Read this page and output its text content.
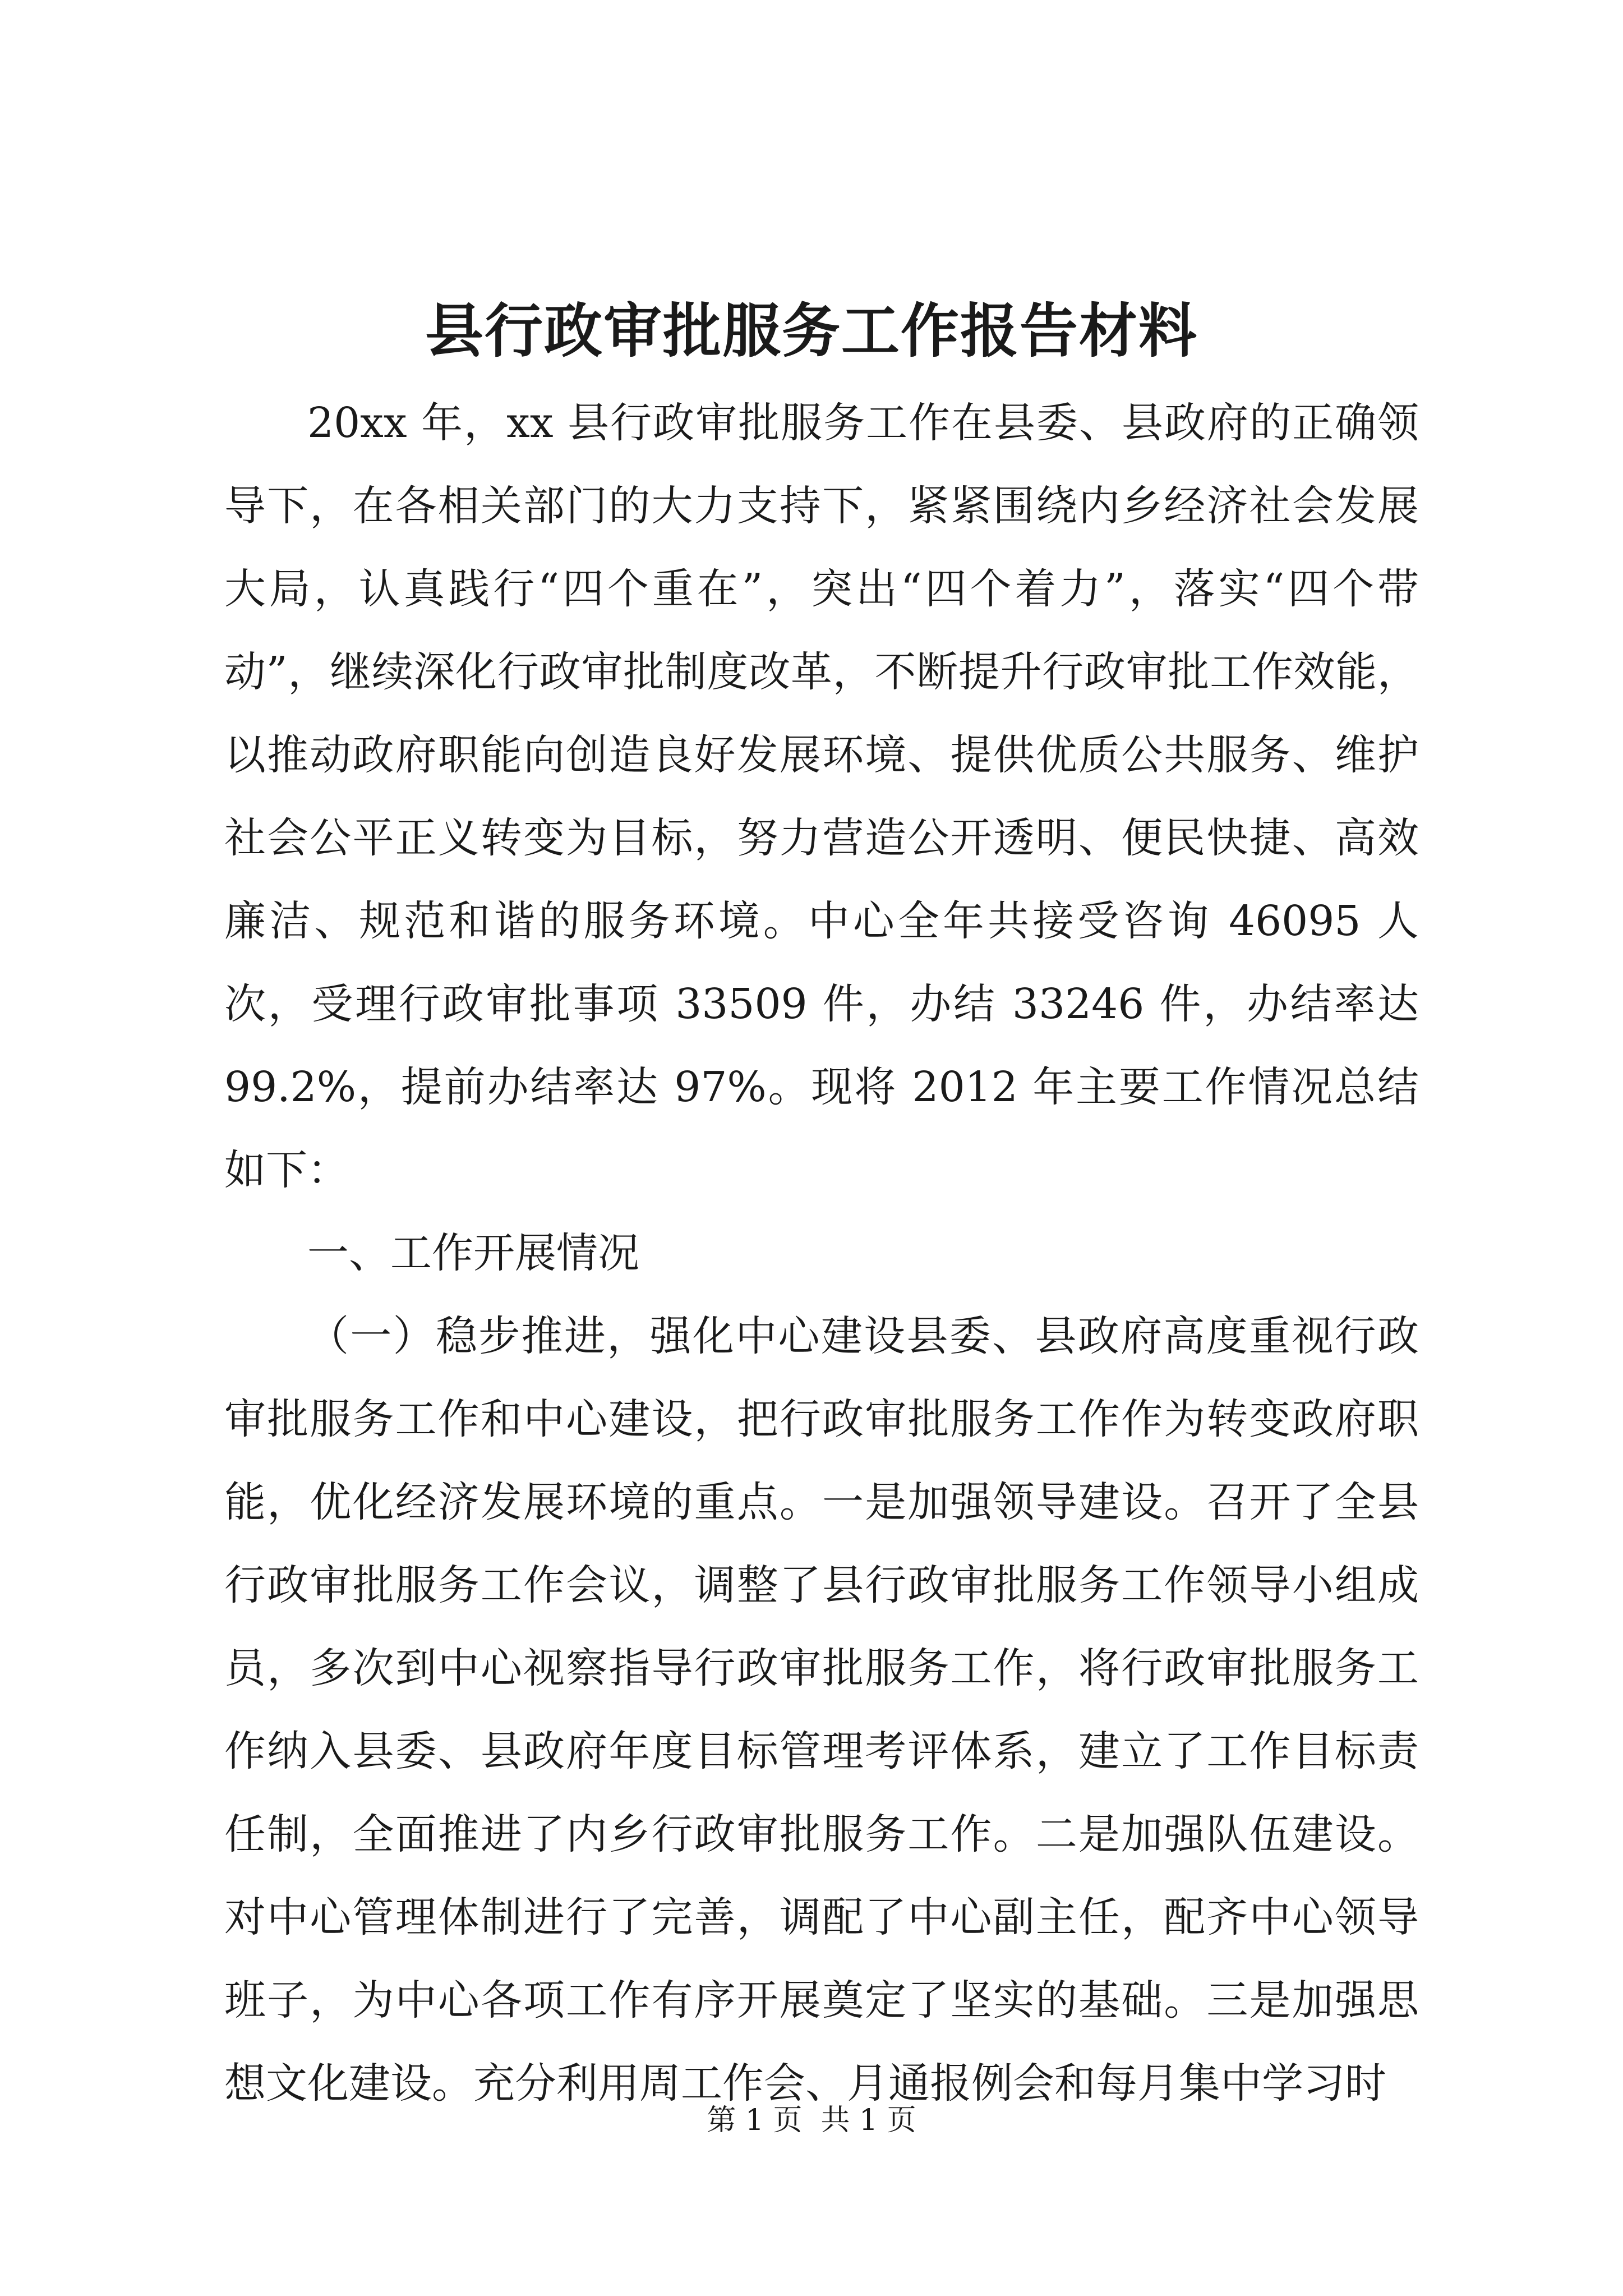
县行政审批服务工作报告材料

20xx 年，xx 县行政审批服务工作在县委、县政府的正确领导下，在各相关部门的大力支持下，紧紧围绕内乡经济社会发展大局，认真践行“四个重在”，突出“四个着力”，落实“四个带动”，继续深化行政审批制度改革，不断提升行政审批工作效能，以推动政府职能向创造良好发展环境、提供优质公共服务、维护社会公平正义转变为目标，努力营造公开透明、便民快捷、高效廉洁、规范和谐的服务环境。中心全年共接受咨询 46095 人次，受理行政审批事项 33509 件，办结 33246 件，办结率达 99.2%，提前办结率达 97%。现将 2012 年主要工作情况总结如下：

一、工作开展情况

（一）稳步推进，强化中心建设县委、县政府高度重视行政审批服务工作和中心建设，把行政审批服务工作作为转变政府职能，优化经济发展环境的重点。一是加强领导建设。召开了全县行政审批服务工作会议，调整了县行政审批服务工作领导小组成员，多次到中心视察指导行政审批服务工作，将行政审批服务工作纳入县委、县政府年度目标管理考评体系，建立了工作目标责任制，全面推进了内乡行政审批服务工作。二是加强队伍建设。对中心管理体制进行了完善，调配了中心副主任，配齐中心领导班子，为中心各项工作有序开展奠定了坚实的基础。三是加强思想文化建设。充分利用周工作会、月通报例会和每月集中学习时

第 1 页  共 1 页
